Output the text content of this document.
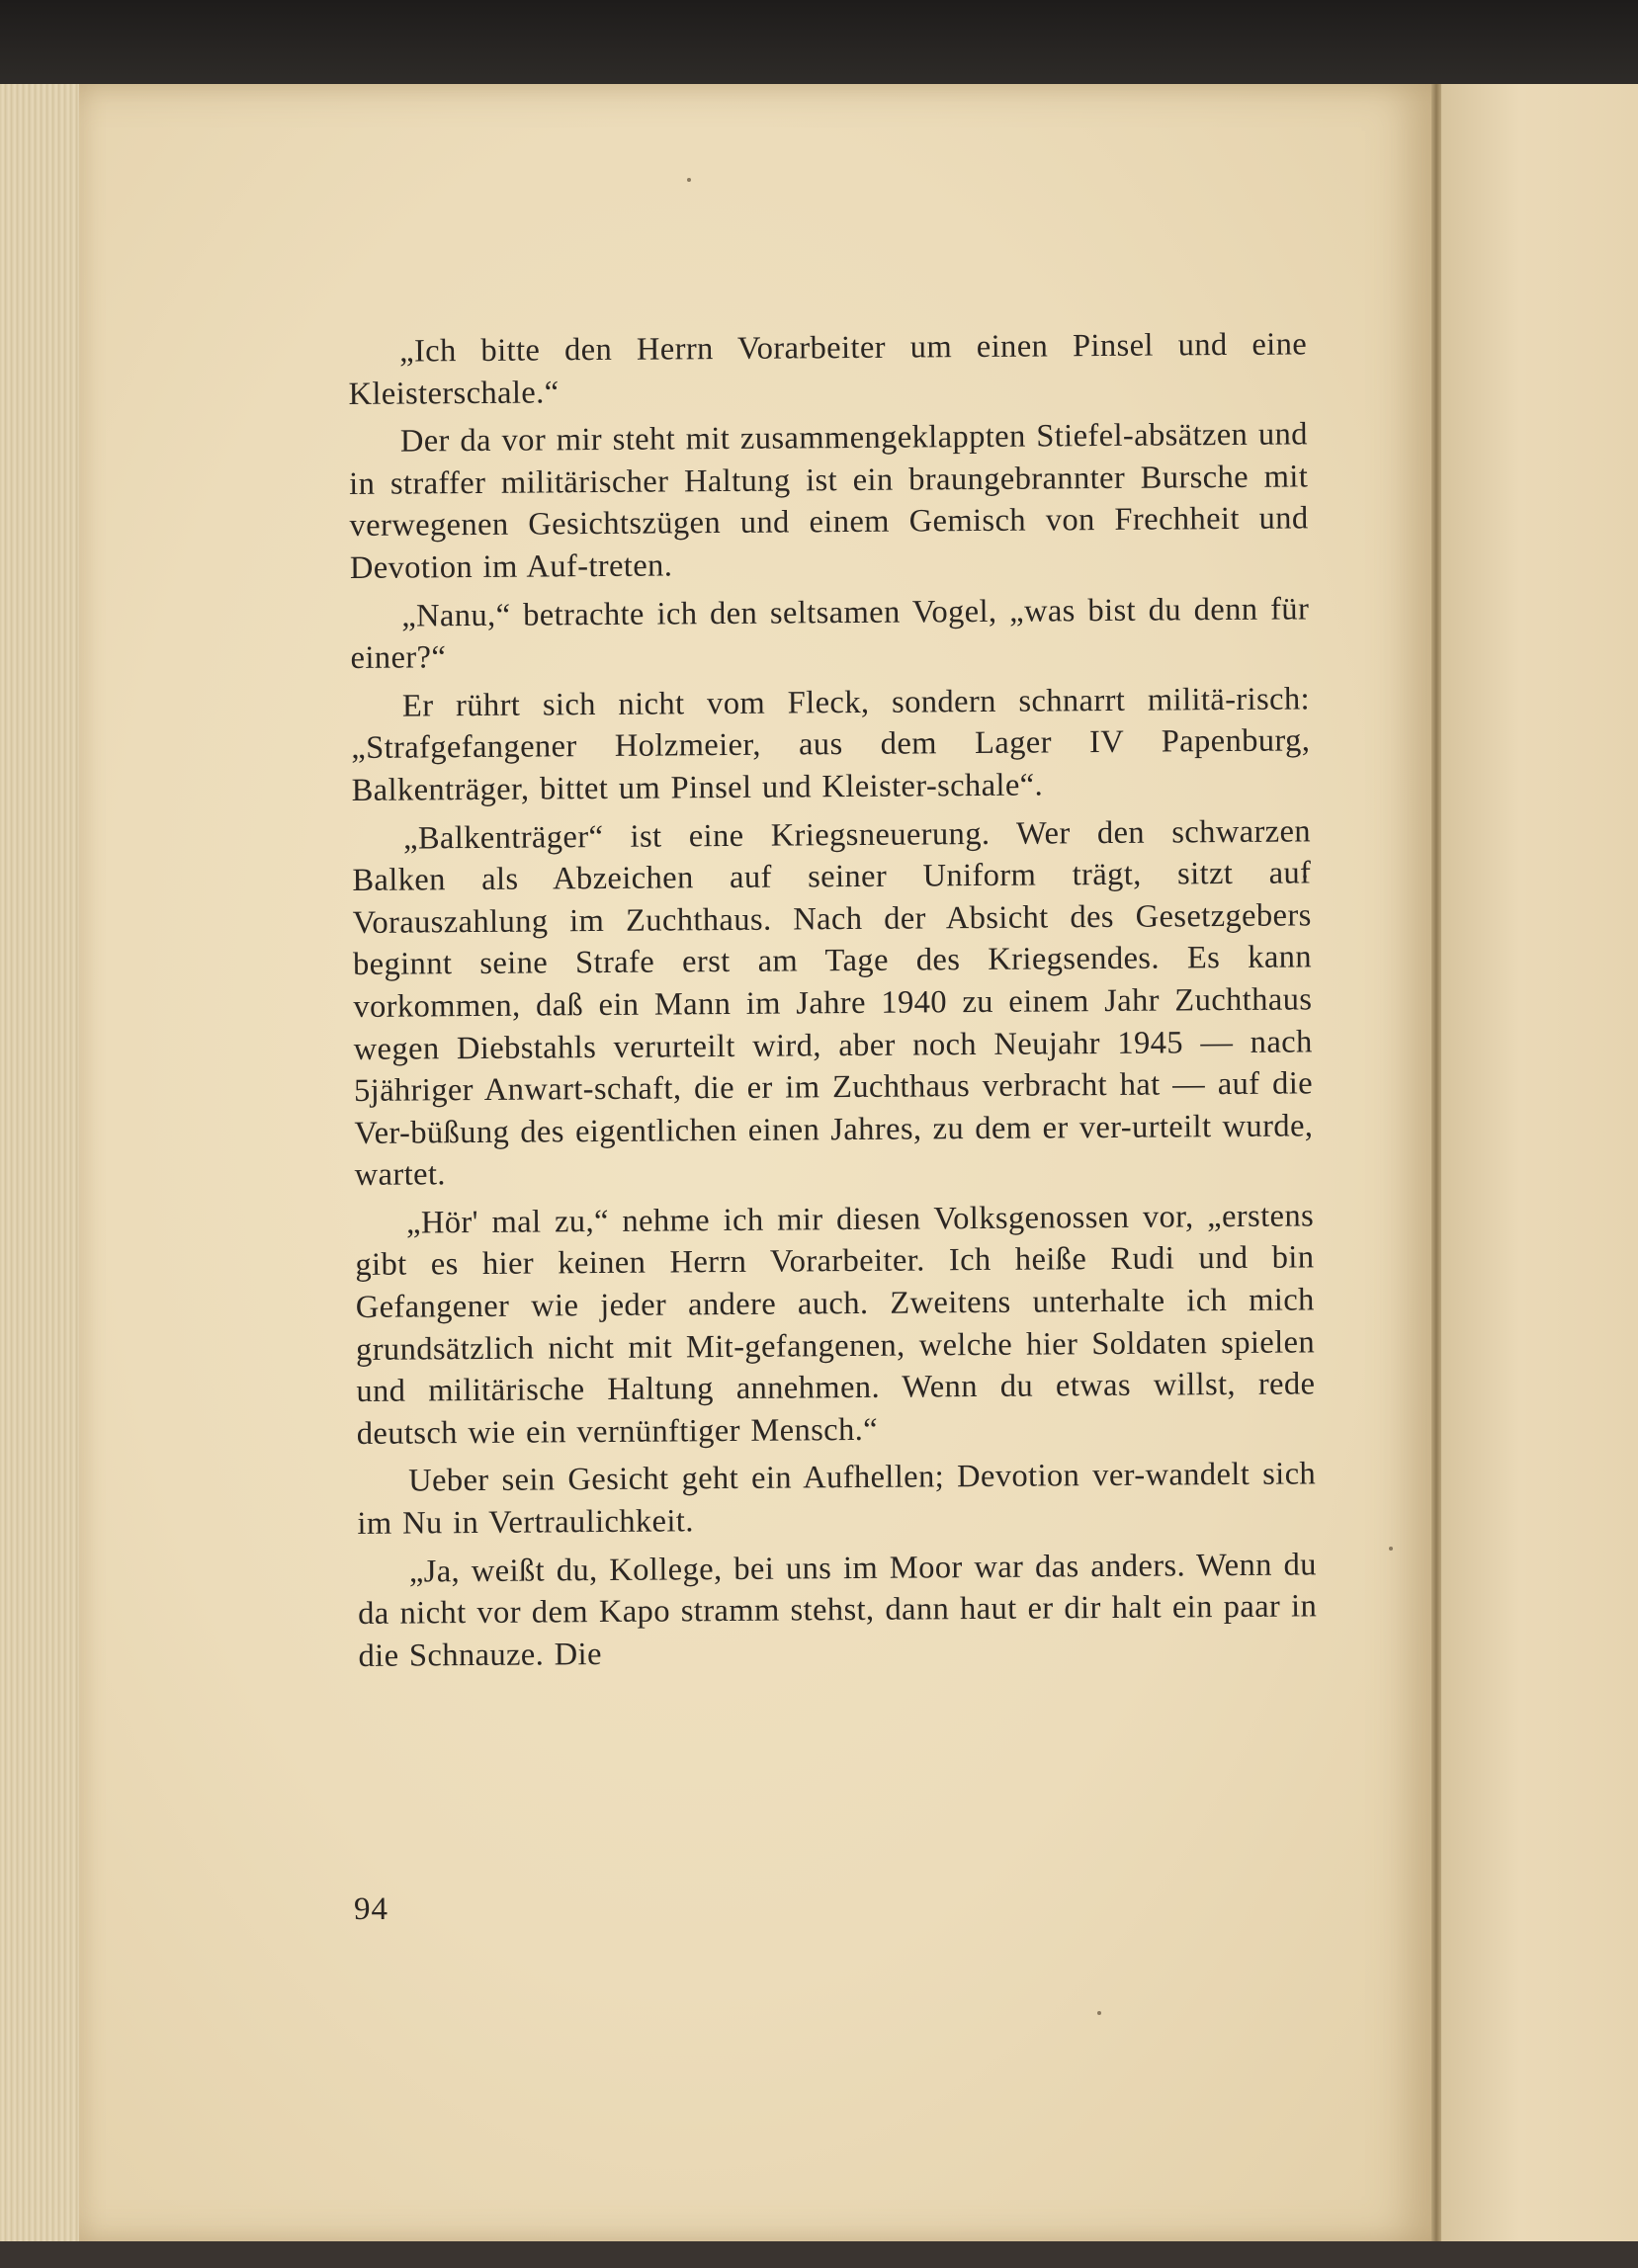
„Ich bitte den Herrn Vorarbeiter um einen Pinsel und eine Kleisterschale.“

Der da vor mir steht mit zusammengeklappten Stiefel-absätzen und in straffer militärischer Haltung ist ein braungebrannter Bursche mit verwegenen Gesichtszügen und einem Gemisch von Frechheit und Devotion im Auf-treten.

„Nanu,“ betrachte ich den seltsamen Vogel, „was bist du denn für einer?“

Er rührt sich nicht vom Fleck, sondern schnarrt militä-risch: „Strafgefangener Holzmeier, aus dem Lager IV Papenburg, Balkenträger, bittet um Pinsel und Kleister-schale“.

„Balkenträger“ ist eine Kriegsneuerung. Wer den schwarzen Balken als Abzeichen auf seiner Uniform trägt, sitzt auf Vorauszahlung im Zuchthaus. Nach der Absicht des Gesetzgebers beginnt seine Strafe erst am Tage des Kriegsendes. Es kann vorkommen, daß ein Mann im Jahre 1940 zu einem Jahr Zuchthaus wegen Diebstahls verurteilt wird, aber noch Neujahr 1945 — nach 5jähriger Anwart-schaft, die er im Zuchthaus verbracht hat — auf die Ver-büßung des eigentlichen einen Jahres, zu dem er ver-urteilt wurde, wartet.

„Hör' mal zu,“ nehme ich mir diesen Volksgenossen vor, „erstens gibt es hier keinen Herrn Vorarbeiter. Ich heiße Rudi und bin Gefangener wie jeder andere auch. Zweitens unterhalte ich mich grundsätzlich nicht mit Mit-gefangenen, welche hier Soldaten spielen und militärische Haltung annehmen. Wenn du etwas willst, rede deutsch wie ein vernünftiger Mensch.“

Ueber sein Gesicht geht ein Aufhellen; Devotion ver-wandelt sich im Nu in Vertraulichkeit.

„Ja, weißt du, Kollege, bei uns im Moor war das anders. Wenn du da nicht vor dem Kapo stramm stehst, dann haut er dir halt ein paar in die Schnauze. Die

94
